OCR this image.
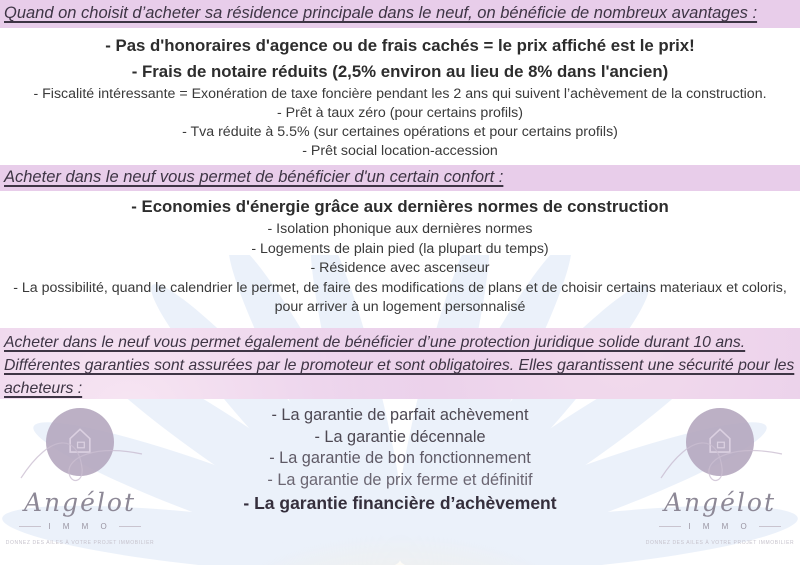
Quand on choisit d’acheter sa résidence principale dans le neuf, on bénéficie de nombreux avantages :

- Pas d'honoraires d'agence ou de frais cachés = le prix affiché est le prix!
- Frais de notaire réduits (2,5% environ au lieu de 8% dans l'ancien)
- Fiscalité intéressante = Exonération de taxe foncière pendant les 2 ans qui suivent l’achèvement de la construction.
- Prêt à taux zéro (pour certains profils)
- Tva réduite à 5.5% (sur certaines opérations et pour certains profils)
- Prêt social location-accession

Acheter dans le neuf vous permet de bénéficier d'un certain confort :

- Economies d'énergie grâce aux dernières normes de construction
- Isolation phonique aux dernières normes
- Logements de plain pied (la plupart du temps)
- Résidence avec ascenseur
- La possibilité, quand le calendrier le permet, de faire des modifications de plans et de choisir certains materiaux et coloris, pour arriver à un logement personnalisé

Acheter dans le neuf vous permet également de bénéficier d’une protection juridique solide durant 10 ans. Différentes garanties sont assurées par le promoteur et sont obligatoires. Elles garantissent une sécurité pour les acheteurs :

- La garantie de parfait achèvement
- La garantie décennale
- La garantie de bon fonctionnement
- La garantie de prix ferme et définitif
- La garantie financière d’achèvement
Angélot
I M M O
DONNEZ DES AILES À VOTRE PROJET IMMOBILIER
Angélot
I M M O
DONNEZ DES AILES À VOTRE PROJET IMMOBILIER
